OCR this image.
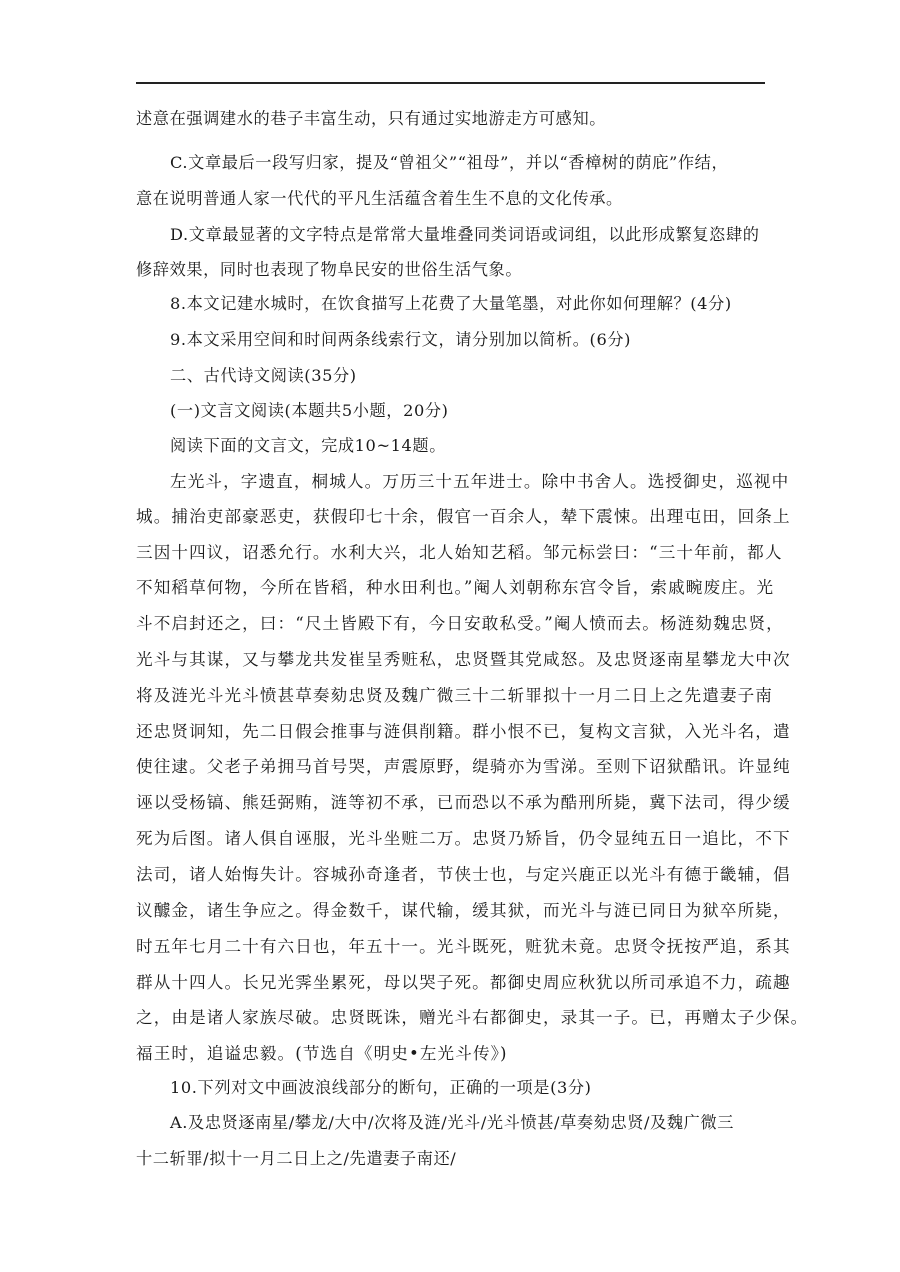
述意在强调建水的巷子丰富生动，只有通过实地游走方可感知。
C.文章最后一段写归家，提及“曾祖父”“祖母”，并以“香樟树的荫庇”作结，
意在说明普通人家一代代的平凡生活蕴含着生生不息的文化传承。
D.文章最显著的文字特点是常常大量堆叠同类词语或词组，以此形成繁复恣肆的
修辞效果，同时也表现了物阜民安的世俗生活气象。
8.本文记建水城时，在饮食描写上花费了大量笔墨，对此你如何理解？(4分)
9.本文采用空间和时间两条线索行文，请分别加以简析。(6分)
二、古代诗文阅读(35分)
(一)文言文阅读(本题共5小题，20分)
阅读下面的文言文，完成10~14题。
左光斗，字遗直，桐城人。万历三十五年进士。除中书舍人。选授御史，巡视中
城。捕治吏部豪恶吏，获假印七十余，假官一百余人，辇下震悚。出理屯田，回条上
三因十四议，诏悉允行。水利大兴，北人始知艺稻。邹元标尝曰：“三十年前，都人
不知稻草何物，今所在皆稻，种水田利也。”阉人刘朝称东宫令旨，索戚畹废庄。光
斗不启封还之，曰：“尺土皆殿下有，今日安敢私受。”阉人愤而去。杨涟劾魏忠贤，
光斗与其谋，又与攀龙共发崔呈秀赃私，忠贤暨其党咸怒。及忠贤逐南星攀龙大中次
将及涟光斗光斗愤甚草奏劾忠贤及魏广微三十二斩罪拟十一月二日上之先遣妻子南
还忠贤诇知，先二日假会推事与涟俱削籍。群小恨不已，复构文言狱，入光斗名，遣
使往逮。父老子弟拥马首号哭，声震原野，缇骑亦为雪涕。至则下诏狱酷讯。许显纯
诬以受杨镐、熊廷弼贿，涟等初不承，已而恐以不承为酷刑所毙，冀下法司，得少缓
死为后图。诸人俱自诬服，光斗坐赃二万。忠贤乃矫旨，仍令显纯五日一追比，不下
法司，诸人始悔失计。容城孙奇逢者，节侠士也，与定兴鹿正以光斗有德于畿辅，倡
议醵金，诸生争应之。得金数千，谋代输，缓其狱，而光斗与涟已同日为狱卒所毙，
时五年七月二十有六日也，年五十一。光斗既死，赃犹未竟。忠贤令抚按严追，系其
群从十四人。长兄光霁坐累死，母以哭子死。都御史周应秋犹以所司承追不力，疏趣
之，由是诸人家族尽破。忠贤既诛，赠光斗右都御史，录其一子。已，再赠太子少保。
福王时，追谥忠毅。(节选自《明史•左光斗传》)
10.下列对文中画波浪线部分的断句，正确的一项是(3分)
A.及忠贤逐南星/攀龙/大中/次将及涟/光斗/光斗愤甚/草奏劾忠贤/及魏广微三
十二斩罪/拟十一月二日上之/先遣妻子南还/
